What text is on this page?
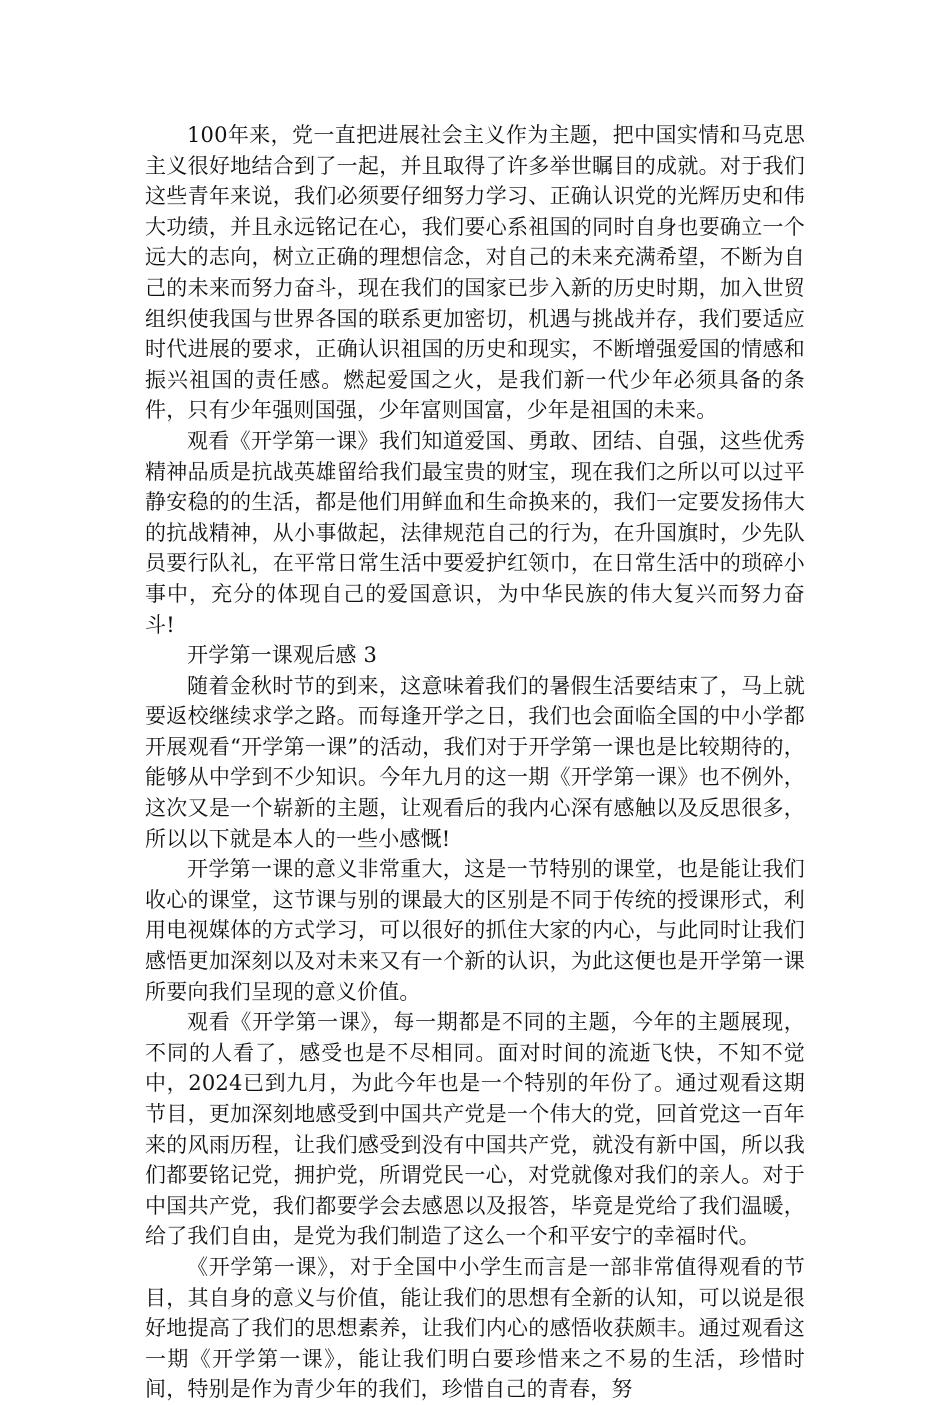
100年来，党一直把进展社会主义作为主题，把中国实情和马克思主义很好地结合到了一起，并且取得了许多举世瞩目的成就。对于我们这些青年来说，我们必须要仔细努力学习、正确认识党的光辉历史和伟大功绩，并且永远铭记在心，我们要心系祖国的同时自身也要确立一个远大的志向，树立正确的理想信念，对自己的未来充满希望，不断为自己的未来而努力奋斗，现在我们的国家已步入新的历史时期，加入世贸组织使我国与世界各国的联系更加密切，机遇与挑战并存，我们要适应时代进展的要求，正确认识祖国的历史和现实，不断增强爱国的情感和振兴祖国的责任感。燃起爱国之火，是我们新一代少年必须具备的条件，只有少年强则国强，少年富则国富，少年是祖国的未来。

观看《开学第一课》我们知道爱国、勇敢、团结、自强，这些优秀精神品质是抗战英雄留给我们最宝贵的财宝，现在我们之所以可以过平静安稳的的生活，都是他们用鲜血和生命换来的，我们一定要发扬伟大的抗战精神，从小事做起，法律规范自己的行为，在升国旗时，少先队员要行队礼，在平常日常生活中要爱护红领巾，在日常生活中的琐碎小事中，充分的体现自己的爱国意识，为中华民族的伟大复兴而努力奋斗!

开学第一课观后感 3

随着金秋时节的到来，这意味着我们的暑假生活要结束了，马上就要返校继续求学之路。而每逢开学之日，我们也会面临全国的中小学都开展观看“开学第一课”的活动，我们对于开学第一课也是比较期待的，能够从中学到不少知识。今年九月的这一期《开学第一课》也不例外，这次又是一个崭新的主题，让观看后的我内心深有感触以及反思很多，所以以下就是本人的一些小感慨!

开学第一课的意义非常重大，这是一节特别的课堂，也是能让我们收心的课堂，这节课与别的课最大的区别是不同于传统的授课形式，利用电视媒体的方式学习，可以很好的抓住大家的内心，与此同时让我们感悟更加深刻以及对未来又有一个新的认识，为此这便也是开学第一课所要向我们呈现的意义价值。

观看《开学第一课》，每一期都是不同的主题，今年的主题展现，不同的人看了，感受也是不尽相同。面对时间的流逝飞快，不知不觉中，2024已到九月，为此今年也是一个特别的年份了。通过观看这期节目，更加深刻地感受到中国共产党是一个伟大的党，回首党这一百年来的风雨历程，让我们感受到没有中国共产党，就没有新中国，所以我们都要铭记党，拥护党，所谓党民一心，对党就像对我们的亲人。对于中国共产党，我们都要学会去感恩以及报答，毕竟是党给了我们温暖，给了我们自由，是党为我们制造了这么一个和平安宁的幸福时代。

《开学第一课》，对于全国中小学生而言是一部非常值得观看的节目，其自身的意义与价值，能让我们的思想有全新的认知，可以说是很好地提高了我们的思想素养，让我们内心的感悟收获颇丰。通过观看这一期《开学第一课》，能让我们明白要珍惜来之不易的生活，珍惜时间，特别是作为青少年的我们，珍惜自己的青春，努
